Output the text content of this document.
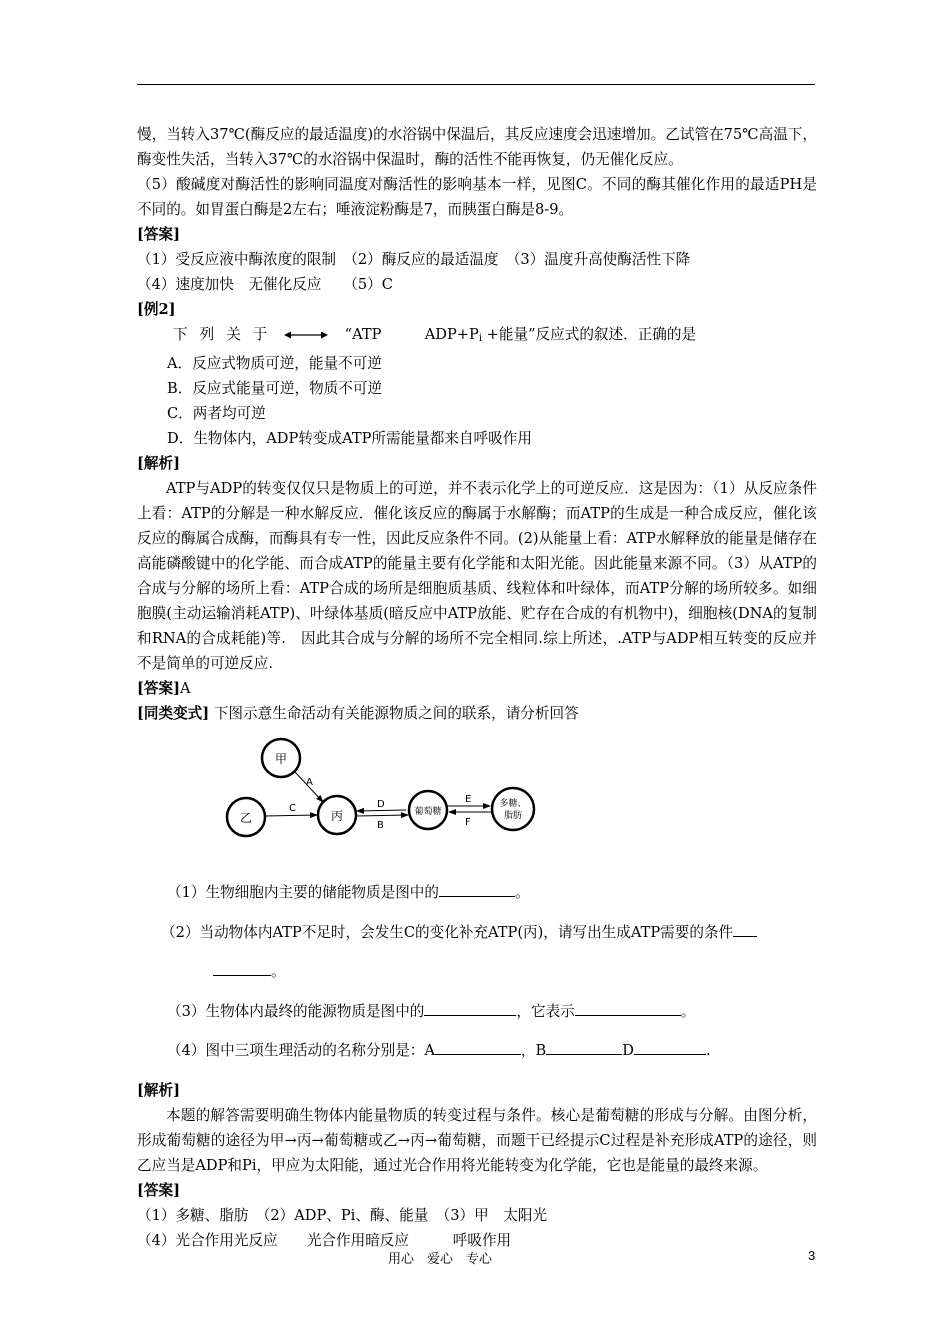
慢，当转入37℃(酶反应的最适温度)的水浴锅中保温后，其反应速度会迅速增加。乙试管在75℃高温下，酶变性失活，当转入37℃的水浴锅中保温时，酶的活性不能再恢复，仍无催化反应。

（5）酸碱度对酶活性的影响同温度对酶活性的影响基本一样，见图C。不同的酶其催化作用的最适PH是不同的。如胃蛋白酶是2左右；唾液淀粉酶是7，而胰蛋白酶是8-9。

[答案]

（1）受反应液中酶浓度的限制　（2）酶反应的最适温度　（3）温度升高使酶活性下降

（4）速度加快　无催化反应　　（5）C

[例2]

下列关于	“ATP	$ADP+P_i$ +能量”反应式的叙述．正确的是

A．反应式物质可逆，能量不可逆

B．反应式能量可逆，物质不可逆

C．两者均可逆

D．生物体内，ADP转变成ATP所需能量都来自呼吸作用

[解析]

ATP与ADP的转变仅仅只是物质上的可逆，并不表示化学上的可逆反应．这是因为：（1）从反应条件上看：ATP的分解是一种水解反应．催化该反应的酶属于水解酶；而ATP的生成是一种合成反应，催化该反应的酶属合成酶，而酶具有专一性，因此反应条件不同。(2)从能量上看：ATP水解释放的能量是储存在高能磷酸键中的化学能、而合成ATP的能量主要有化学能和太阳光能。因此能量来源不同。（3）从ATP的合成与分解的场所上看：ATP合成的场所是细胞质基质、线粒体和叶绿体，而ATP分解的场所较多。如细胞膜(主动运输消耗ATP)、叶绿体基质(暗反应中ATP放能、贮存在合成的有机物中)，细胞核(DNA的复制和RNA的合成耗能)等.　因此其合成与分解的场所不完全相同.综上所述，.ATP与ADP相互转变的反应并不是简单的可逆反应.

[答案]A

[同类变式] 下图示意生命活动有关能源物质之间的联系，请分析回答

甲
乙	丙	葡萄糖
多糖、
脂肪
A
C	D
B
E
F

（1）生物细胞内主要的储能物质是图中的	。

（2）当动物体内ATP不足时，会发生C的变化补充ATP(丙)，请写出生成ATP需要的条件

。

（3）生物体内最终的能源物质是图中的	，它表示	。

（4）图中三项生理活动的名称分别是：A	，B	D	.

[解析]

本题的解答需要明确生物体内能量物质的转变过程与条件。核心是葡萄糖的形成与分解。由图分析，形成葡萄糖的途径为甲→丙→葡萄糖或乙→丙→葡萄糖，而题干已经提示C过程是补充形成ATP的途径，则乙应当是ADP和Pi，甲应为太阳能，通过光合作用将光能转变为化学能，它也是能量的最终来源。

[答案]

（1）多糖、脂肪　（2）ADP、Pi、酶、能量　（3）甲　太阳光

（4）光合作用光反应　　光合作用暗反应　　　呼吸作用

用心　爱心　专心	3
